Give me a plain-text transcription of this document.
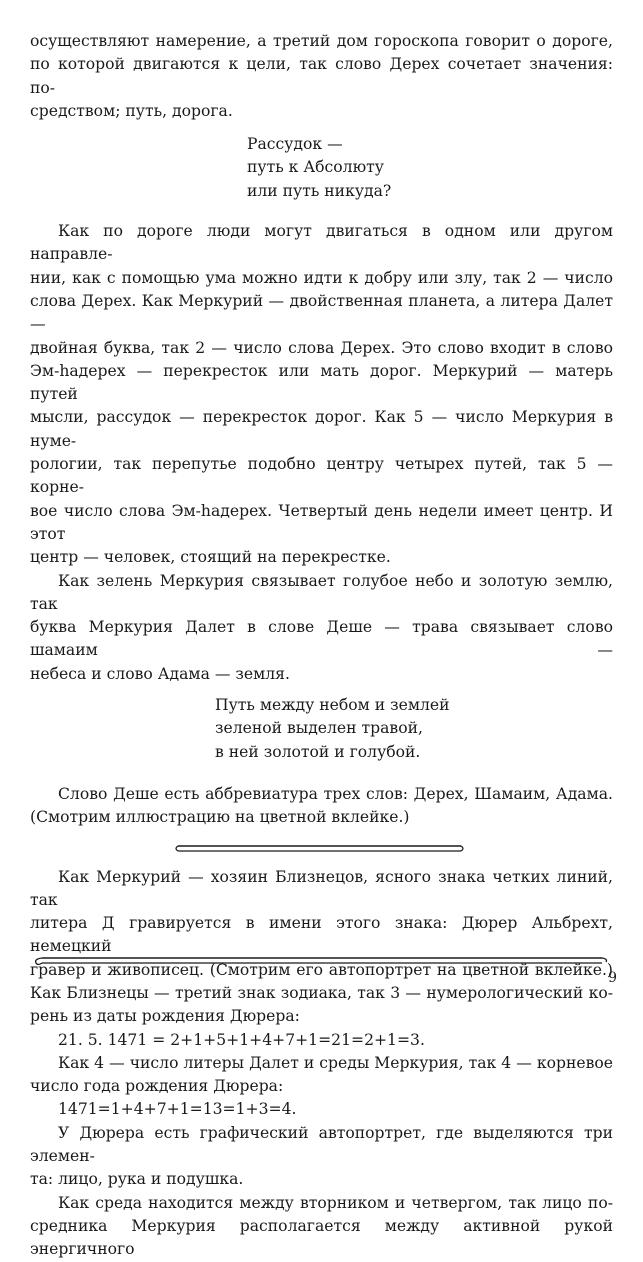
осуществляют намерение, а третий дом гороскопа говорит о дороге,
по которой двигаются к цели, так слово Дерех сочетает значения: по-
средством; путь, дорога.

Рассудок —
путь к Абсолюту
или путь никуда?

Как по дороге люди могут двигаться в одном или другом направле-
нии, как с помощью ума можно идти к добру или злу, так 2 — число
слова Дерех. Как Меркурий — двойственная планета, а литера Далет —
двойная буква, так 2 — число слова Дерех. Это слово входит в слово
Эм-hадерех — перекресток или мать дорог. Меркурий — матерь путей
мысли, рассудок — перекресток дорог. Как 5 — число Меркурия в нуме-
рологии, так перепутье подобно центру четырех путей, так 5 — корне-
вое число слова Эм-hадерех. Четвертый день недели имеет центр. И этот
центр — человек, стоящий на перекрестке.

Как зелень Меркурия связывает голубое небо и золотую землю, так
буква Меркурия Далет в слове Деше — трава связывает слово шамаим —
небеса и слово Адама — земля.

Путь между небом и землей
зеленой выделен травой,
в ней золотой и голубой.

Слово Деше есть аббревиатура трех слов: Дерех, Шамаим, Адама.
(Смотрим иллюстрацию на цветной вклейке.)

Как Меркурий — хозяин Близнецов, ясного знака четких линий, так
литера Д гравируется в имени этого знака: Дюрер Альбрехт, немецкий
гравер и живописец. (Смотрим его автопортрет на цветной вклейке.)
Как Близнецы — третий знак зодиака, так 3 — нумерологический ко-
рень из даты рождения Дюрера:

21. 5. 1471 = 2+1+5+1+4+7+1=21=2+1=3.

Как 4 — число литеры Далет и среды Меркурия, так 4 — корневое
число года рождения Дюрера:

1471=1+4+7+1=13=1+3=4.

У Дюрера есть графический автопортрет, где выделяются три элемен-
та: лицо, рука и подушка.

Как среда находится между вторником и четвергом, так лицо по-
средника Меркурия располагается между активной рукой энергичного

9
